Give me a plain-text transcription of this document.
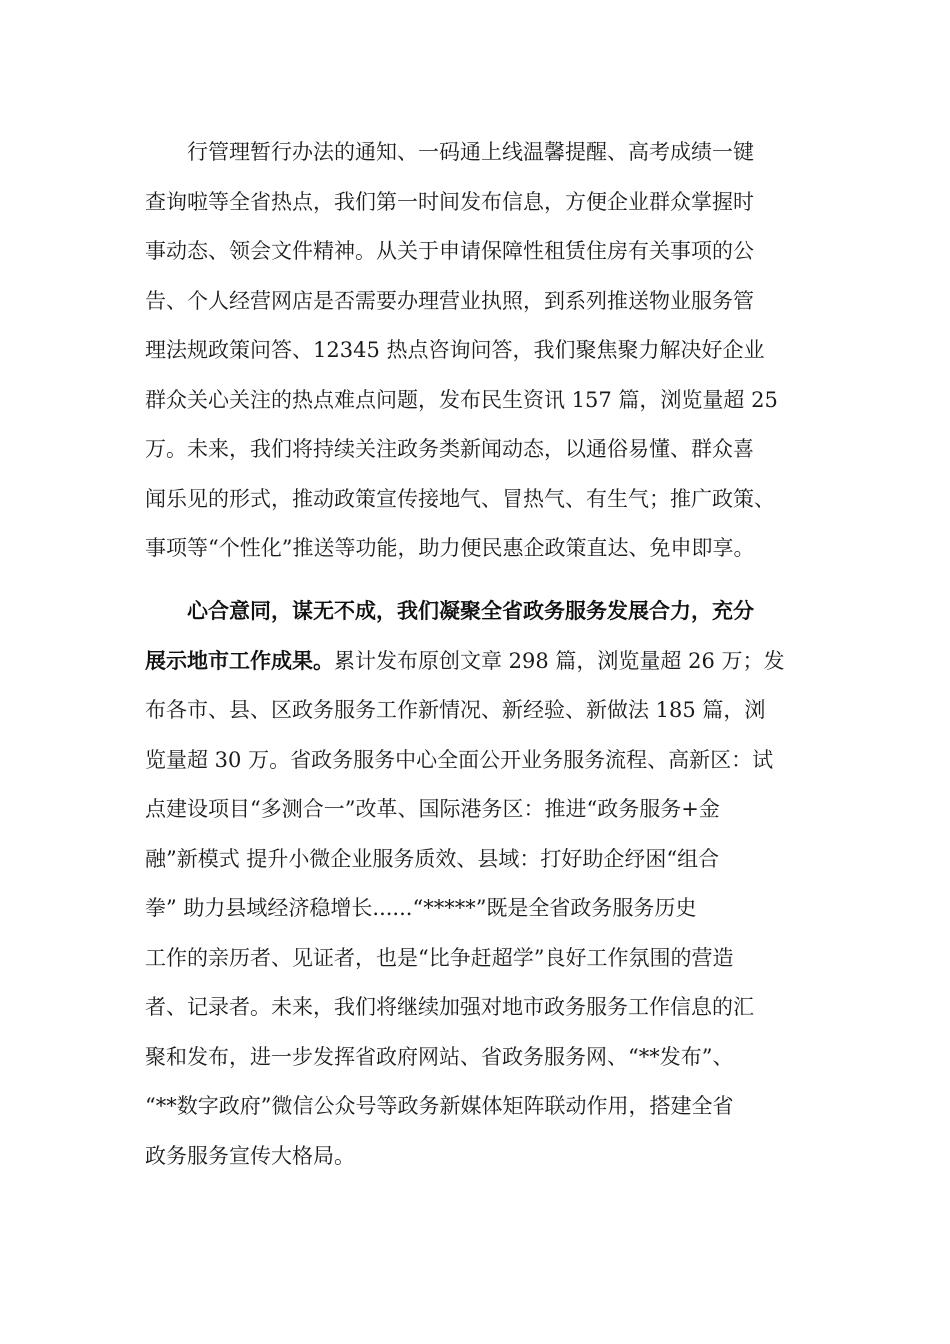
行管理暂行办法的通知、一码通上线温馨提醒、高考成绩一键
查询啦等全省热点，我们第一时间发布信息，方便企业群众掌握时
事动态、领会文件精神。从关于申请保障性租赁住房有关事项的公
告、个人经营网店是否需要办理营业执照，到系列推送物业服务管
理法规政策问答、12345 热点咨询问答，我们聚焦聚力解决好企业
群众关心关注的热点难点问题，发布民生资讯 157 篇，浏览量超 25
万。未来，我们将持续关注政务类新闻动态，以通俗易懂、群众喜
闻乐见的形式，推动政策宣传接地气、冒热气、有生气；推广政策、
事项等“个性化”推送等功能，助力便民惠企政策直达、免申即享。
心合意同，谋无不成，我们凝聚全省政务服务发展合力，充分
展示地市工作成果。累计发布原创文章 298 篇，浏览量超 26 万；发
布各市、县、区政务服务工作新情况、新经验、新做法 185 篇，浏
览量超 30 万。省政务服务中心全面公开业务服务流程、高新区：试
点建设项目“多测合一”改革、国际港务区：推进“政务服务+金
融”新模式 提升小微企业服务质效、县域：打好助企纾困“组合
拳” 助力县域经济稳增长......“*****”既是全省政务服务历史
工作的亲历者、见证者，也是“比争赶超学”良好工作氛围的营造
者、记录者。未来，我们将继续加强对地市政务服务工作信息的汇
聚和发布，进一步发挥省政府网站、省政务服务网、“**发布”、
“**数字政府”微信公众号等政务新媒体矩阵联动作用，搭建全省
政务服务宣传大格局。
